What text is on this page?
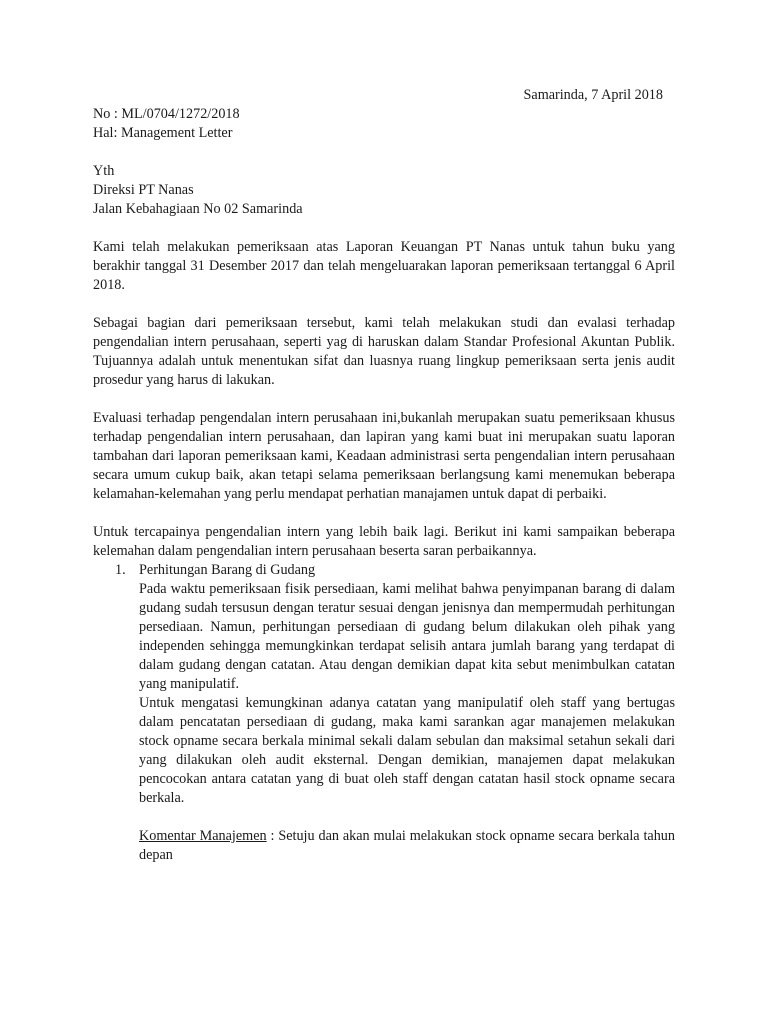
Samarinda, 7 April 2018

No : ML/0704/1272/2018

Hal: Management Letter

Yth

Direksi PT Nanas

Jalan Kebahagiaan No 02 Samarinda

Kami telah melakukan pemeriksaan atas Laporan Keuangan PT Nanas untuk tahun buku yang berakhir tanggal 31 Desember 2017 dan telah mengeluarakan laporan pemeriksaan tertanggal 6 April 2018.

Sebagai bagian dari pemeriksaan tersebut, kami telah melakukan studi dan evalasi terhadap pengendalian intern perusahaan, seperti yag di haruskan dalam Standar Profesional Akuntan Publik. Tujuannya adalah untuk menentukan sifat dan luasnya ruang lingkup pemeriksaan serta jenis audit prosedur yang harus di lakukan.

Evaluasi terhadap pengendalan intern perusahaan ini,bukanlah merupakan suatu pemeriksaan khusus terhadap pengendalian intern perusahaan, dan lapiran yang kami buat ini merupakan suatu laporan tambahan dari laporan pemeriksaan kami, Keadaan administrasi serta pengendalian intern perusahaan secara umum cukup baik, akan tetapi selama pemeriksaan berlangsung kami menemukan beberapa kelamahan-kelemahan yang perlu mendapat perhatian manajamen untuk dapat di perbaiki.

Untuk tercapainya pengendalian intern yang lebih baik lagi. Berikut ini kami sampaikan beberapa kelemahan dalam pengendalian intern perusahaan beserta saran perbaikannya.

1. Perhitungan Barang di Gudang

Pada waktu pemeriksaan fisik persediaan, kami melihat bahwa penyimpanan barang di dalam gudang sudah tersusun dengan teratur sesuai dengan jenisnya dan mempermudah perhitungan persediaan. Namun, perhitungan persediaan di gudang belum dilakukan oleh pihak yang independen sehingga memungkinkan terdapat selisih antara jumlah barang yang terdapat di dalam gudang dengan catatan. Atau dengan demikian dapat kita sebut menimbulkan catatan yang manipulatif.

Untuk mengatasi kemungkinan adanya catatan yang manipulatif oleh staff yang bertugas dalam pencatatan persediaan di gudang, maka kami sarankan agar manajemen melakukan stock opname secara berkala minimal sekali dalam sebulan dan maksimal setahun sekali dari yang dilakukan oleh audit eksternal. Dengan demikian, manajemen dapat melakukan pencocokan antara catatan yang di buat oleh staff dengan catatan hasil stock opname secara berkala.

Komentar Manajemen : Setuju dan akan mulai melakukan stock opname secara berkala tahun depan
